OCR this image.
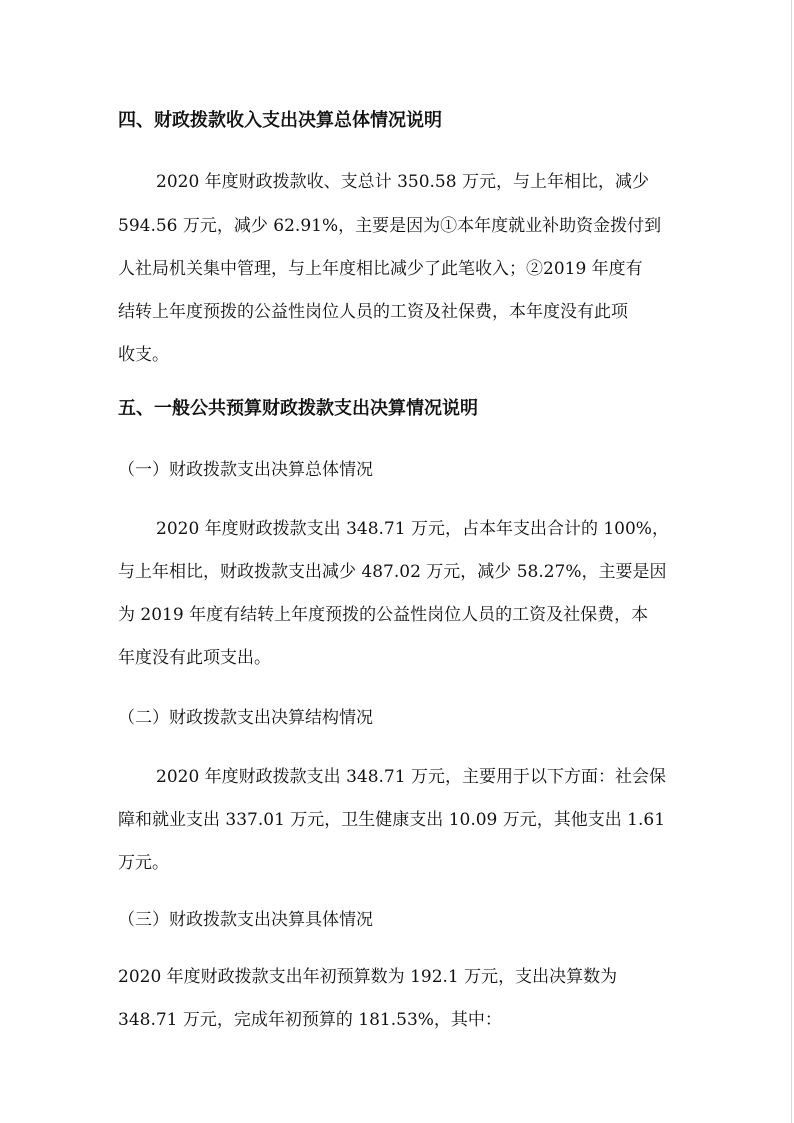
四、财政拨款收入支出决算总体情况说明
2020 年度财政拨款收、支总计 350.58 万元，与上年相比，减少
594.56 万元，减少 62.91%，主要是因为①本年度就业补助资金拨付到
人社局机关集中管理，与上年度相比减少了此笔收入；②2019 年度有
结转上年度预拨的公益性岗位人员的工资及社保费，本年度没有此项
收支。
五、一般公共预算财政拨款支出决算情况说明
（一）财政拨款支出决算总体情况
2020 年度财政拨款支出 348.71 万元，占本年支出合计的 100%，
与上年相比，财政拨款支出减少 487.02 万元，减少 58.27%，主要是因
为 2019 年度有结转上年度预拨的公益性岗位人员的工资及社保费，本
年度没有此项支出。
（二）财政拨款支出决算结构情况
2020 年度财政拨款支出 348.71 万元，主要用于以下方面：社会保
障和就业支出 337.01 万元，卫生健康支出 10.09 万元，其他支出 1.61
万元。
（三）财政拨款支出决算具体情况
2020 年度财政拨款支出年初预算数为 192.1 万元，支出决算数为
348.71 万元，完成年初预算的 181.53%，其中：
